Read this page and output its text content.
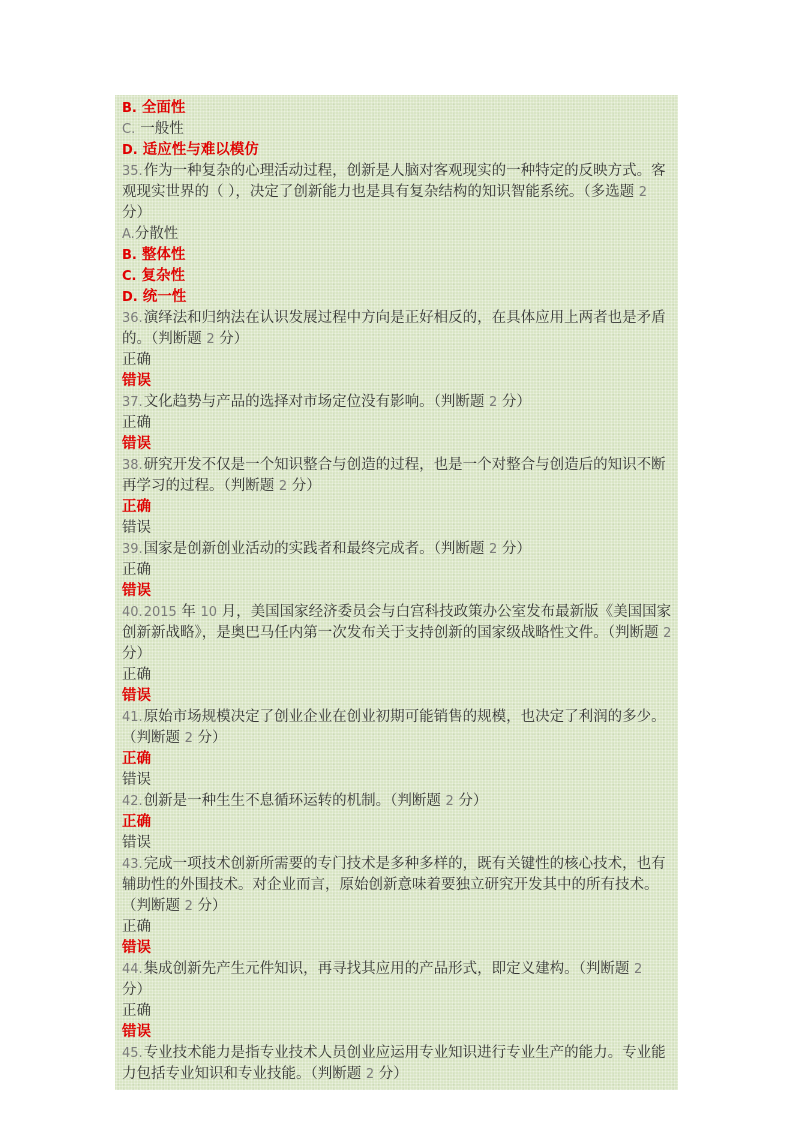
B. 全面性
C. 一般性
D. 适应性与难以模仿
35.作为一种复杂的心理活动过程，创新是人脑对客观现实的一种特定的反映方式。客观现实世界的（ ），决定了创新能力也是具有复杂结构的知识智能系统。（多选题 2 分）
A.分散性
B. 整体性
C. 复杂性
D. 统一性
36.演绎法和归纳法在认识发展过程中方向是正好相反的，在具体应用上两者也是矛盾的。（判断题 2 分）
正确
错误
37.文化趋势与产品的选择对市场定位没有影响。（判断题 2 分）
正确
错误
38.研究开发不仅是一个知识整合与创造的过程，也是一个对整合与创造后的知识不断再学习的过程。（判断题 2 分）
正确
错误
39.国家是创新创业活动的实践者和最终完成者。（判断题 2 分）
正确
错误
40.2015 年 10 月，美国国家经济委员会与白宫科技政策办公室发布最新版《美国国家创新新战略》，是奥巴马任内第一次发布关于支持创新的国家级战略性文件。（判断题 2 分）
正确
错误
41.原始市场规模决定了创业企业在创业初期可能销售的规模，也决定了利润的多少。（判断题 2 分）
正确
错误
42.创新是一种生生不息循环运转的机制。（判断题 2 分）
正确
错误
43.完成一项技术创新所需要的专门技术是多种多样的，既有关键性的核心技术，也有辅助性的外围技术。对企业而言，原始创新意味着要独立研究开发其中的所有技术。（判断题 2 分）
正确
错误
44.集成创新先产生元件知识，再寻找其应用的产品形式，即定义建构。（判断题 2 分）
正确
错误
45.专业技术能力是指专业技术人员创业应运用专业知识进行专业生产的能力。专业能力包括专业知识和专业技能。（判断题 2 分）
